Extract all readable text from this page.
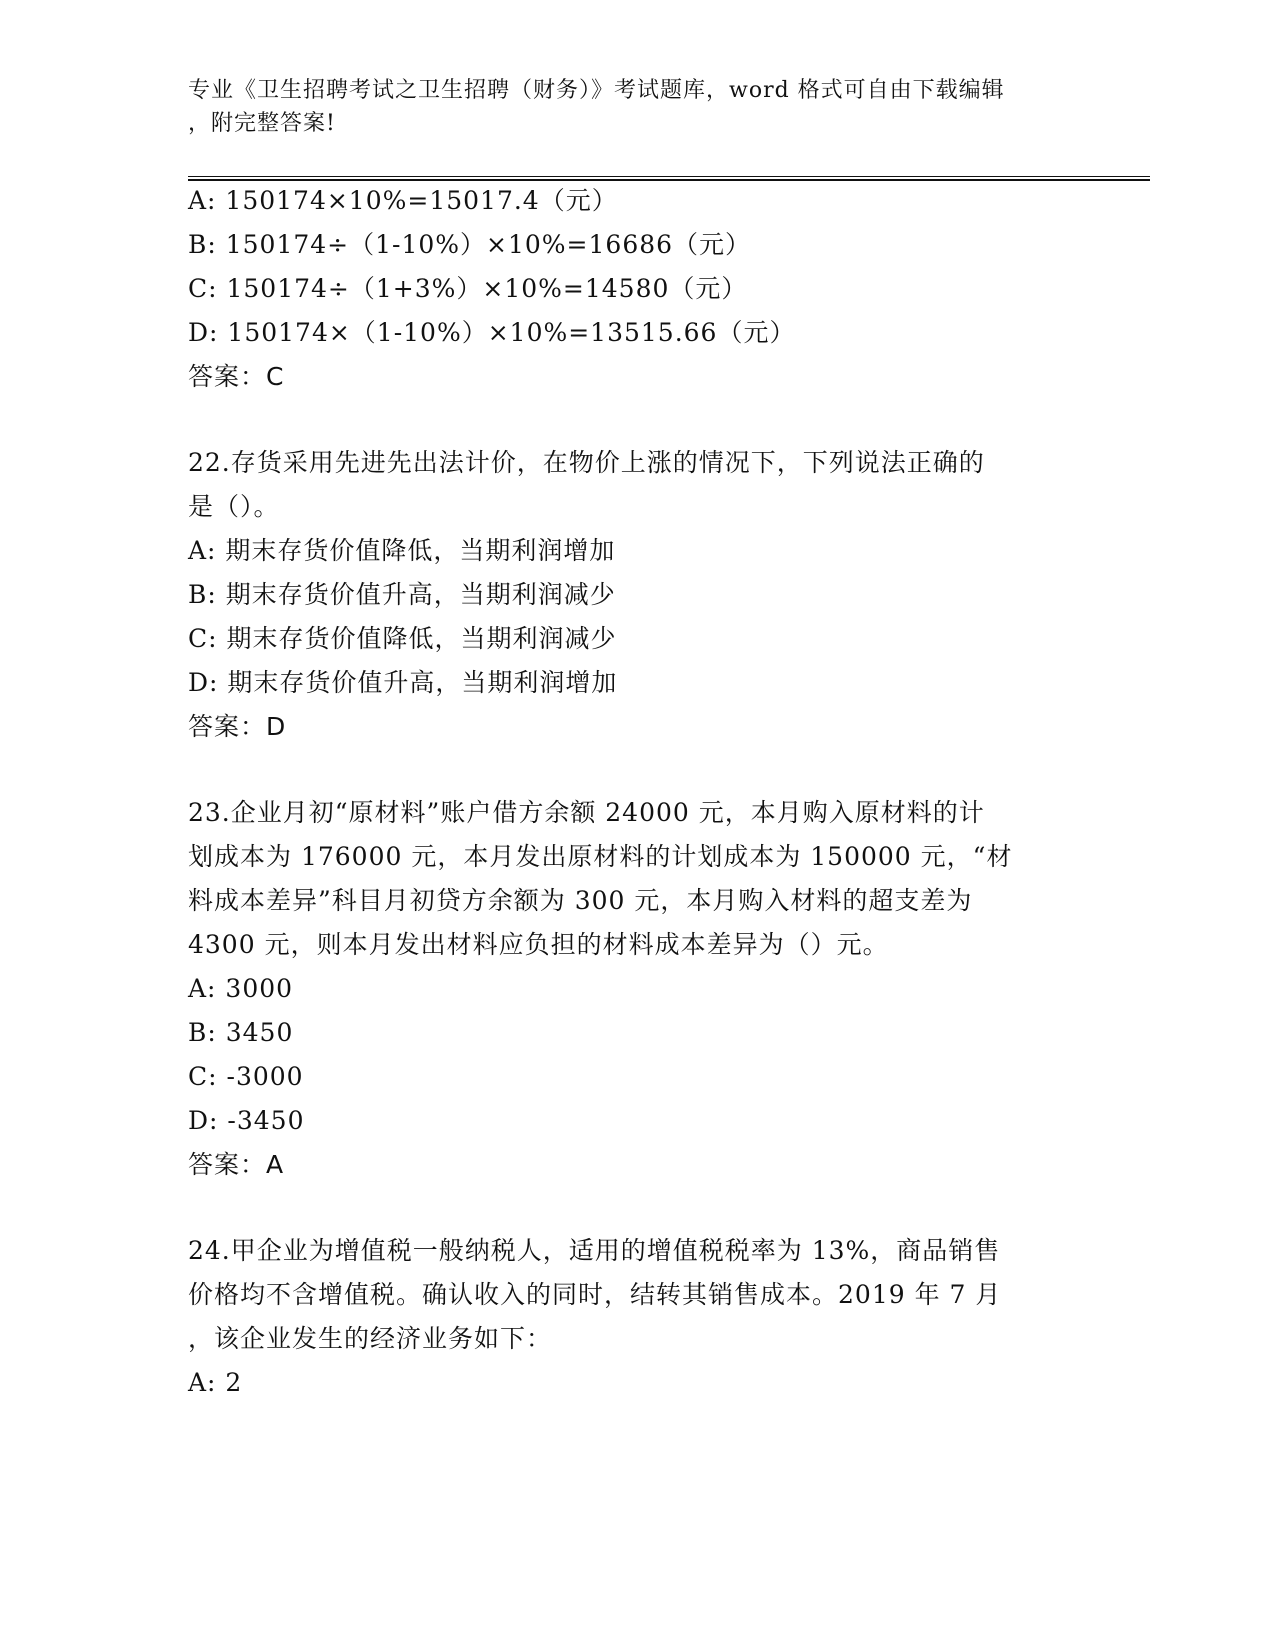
专业《卫生招聘考试之卫生招聘（财务）》考试题库，word 格式可自由下载编辑
，附完整答案!
A: 150174×10%=15017.4（元）
B: 150174÷（1-10%）×10%=16686（元）
C: 150174÷（1+3%）×10%=14580（元）
D: 150174×（1-10%）×10%=13515.66（元）
答案：C
22.存货采用先进先出法计价，在物价上涨的情况下，下列说法正确的
是（）。
A: 期末存货价值降低，当期利润增加
B: 期末存货价值升高，当期利润减少
C: 期末存货价值降低，当期利润减少
D: 期末存货价值升高，当期利润增加
答案：D
23.企业月初“原材料”账户借方余额 24000 元，本月购入原材料的计
划成本为 176000 元，本月发出原材料的计划成本为 150000 元，“材
料成本差异”科目月初贷方余额为 300 元，本月购入材料的超支差为
4300 元，则本月发出材料应负担的材料成本差异为（）元。
A: 3000
B: 3450
C: -3000
D: -3450
答案：A
24.甲企业为增值税一般纳税人，适用的增值税税率为 13%，商品销售
价格均不含增值税。确认收入的同时，结转其销售成本。2019 年 7 月
，该企业发生的经济业务如下：
A: 2
